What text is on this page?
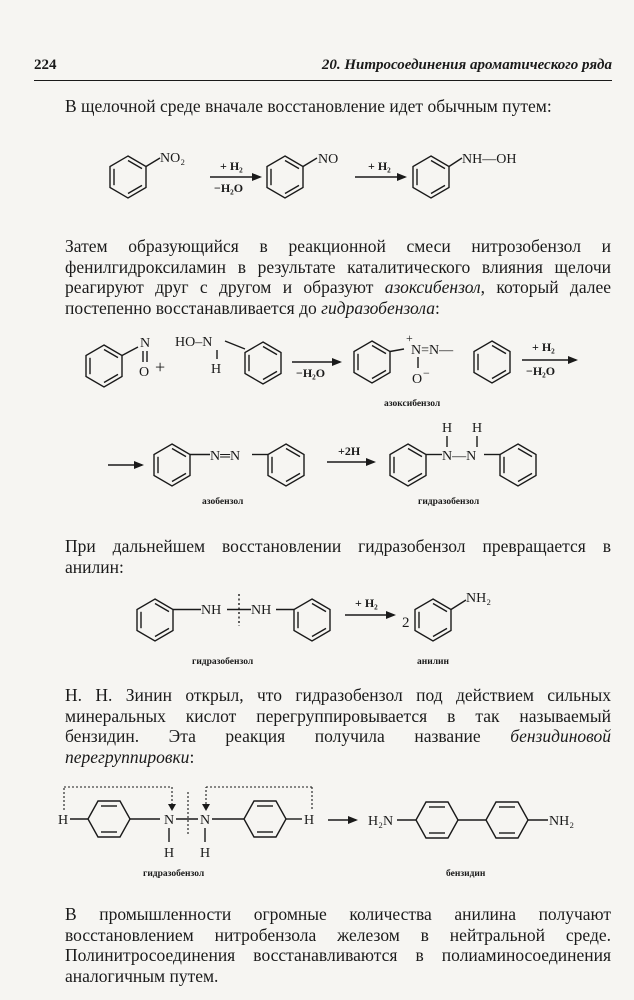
224	20. Нитросоединения ароматического ряда

В щелочной среде вначале восстановление идет обычным путем:

NO₂	+ H₂
−H₂O
NO + H₂	NH—OH

Затем образующийся в реакционной смеси нитрозобензол и фенилгидроксиламин в результате каталитического влияния щелочи реагируют друг с другом и образуют азоксибензол, который далее постепенно восстанавливается до гидразобензола:

N
O +
HO–N
H	−H₂O
+
N=N—
O −
азоксибензол
+ H₂
−H₂O
N═N
азобензол
+2H
H H
N—N
гидразобензол

При дальнейшем восстановлении гидразобензол превращается в анилин:

NH NH
гидразобензол
+ H₂
2
NH₂
анилин

Н. Н. Зинин открыл, что гидразобензол под действием сильных минеральных кислот перегруппировывается в так называемый бензидин. Эта реакция получила название бензидиновой перегруппировки:

H	N N
H H
H
гидразобензол
H₂N	NH₂
бензидин

В промышленности огромные количества анилина получают восстановлением нитробензола железом в нейтральной среде. Полинитросоединения восстанавливаются в полиаминосоединения аналогичным путем.
